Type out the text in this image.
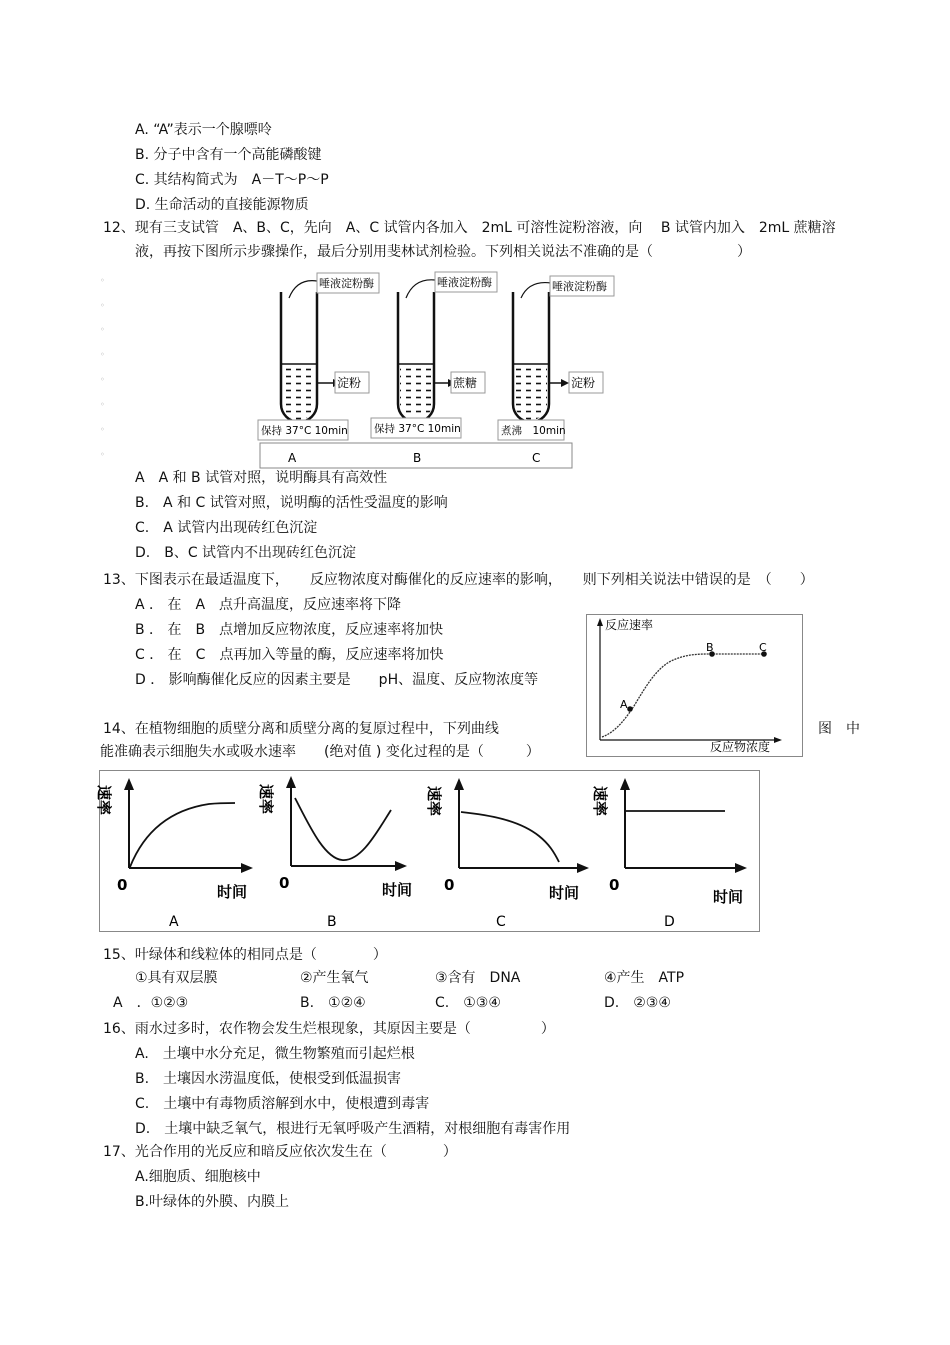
A. “A”表示一个腺嘌呤
B. 分子中含有一个高能磷酸键
C. 其结构简式为　A－T～P～P
D. 生命活动的直接能源物质
12、现有三支试管　A、B、C，先向　A、C 试管内各加入　2mL 可溶性淀粉溶液，向　 B 试管内加入　2mL 蔗糖溶
液，再按下图所示步骤操作，最后分别用斐林试剂检验。下列相关说法不准确的是（　　　　　　）
◦
◦
◦
◦
◦
◦
◦
◦
唾液淀粉酶
淀粉
保持 37°C 10min
A
唾液淀粉酶
蔗糖
保持 37°C 10min
B
唾液淀粉酶
淀粉
煮沸　10min
C
A　A 和 B 试管对照，说明酶具有高效性
B.　A 和 C 试管对照，说明酶的活性受温度的影响
C.　A 试管内出现砖红色沉淀
D.　B、C 试管内不出现砖红色沉淀
13、下图表示在最适温度下，　　反应物浓度对酶催化的反应速率的影响，　　则下列相关说法中错误的是　（　　）
A ． 在　A　点升高温度，反应速率将下降
B ． 在　B　点增加反应物浓度，反应速率将加快
C ． 在　C　点再加入等量的酶，反应速率将加快
D ． 影响酶催化反应的因素主要是　　pH、温度、反应物浓度等
反应速率
反应物浓度
A
B	C
14、在植物细胞的质壁分离和质壁分离的复原过程中，下列曲线	图　中
能准确表示细胞失水或吸水速率　　(绝对值 ) 变化过程的是（　　　）
速率
0	时间
A
速率
0	时间
B
速率
0	时间
C
速率
0
时间
D
15、叶绿体和线粒体的相同点是（　　　　）
①具有双层膜	②产生氧气	③含有　DNA	④产生　ATP
A　．①②③	B.　①②④	C.　①③④	D.　②③④
16、雨水过多时，农作物会发生烂根现象，其原因主要是（　　　　　）
A.　土壤中水分充足，微生物繁殖而引起烂根
B.　土壤因水涝温度低，使根受到低温损害
C.　土壤中有毒物质溶解到水中，使根遭到毒害
D.　土壤中缺乏氧气，根进行无氧呼吸产生酒精，对根细胞有毒害作用
17、光合作用的光反应和暗反应依次发生在（　　　　）
A.细胞质、细胞核中
B.叶绿体的外膜、内膜上
